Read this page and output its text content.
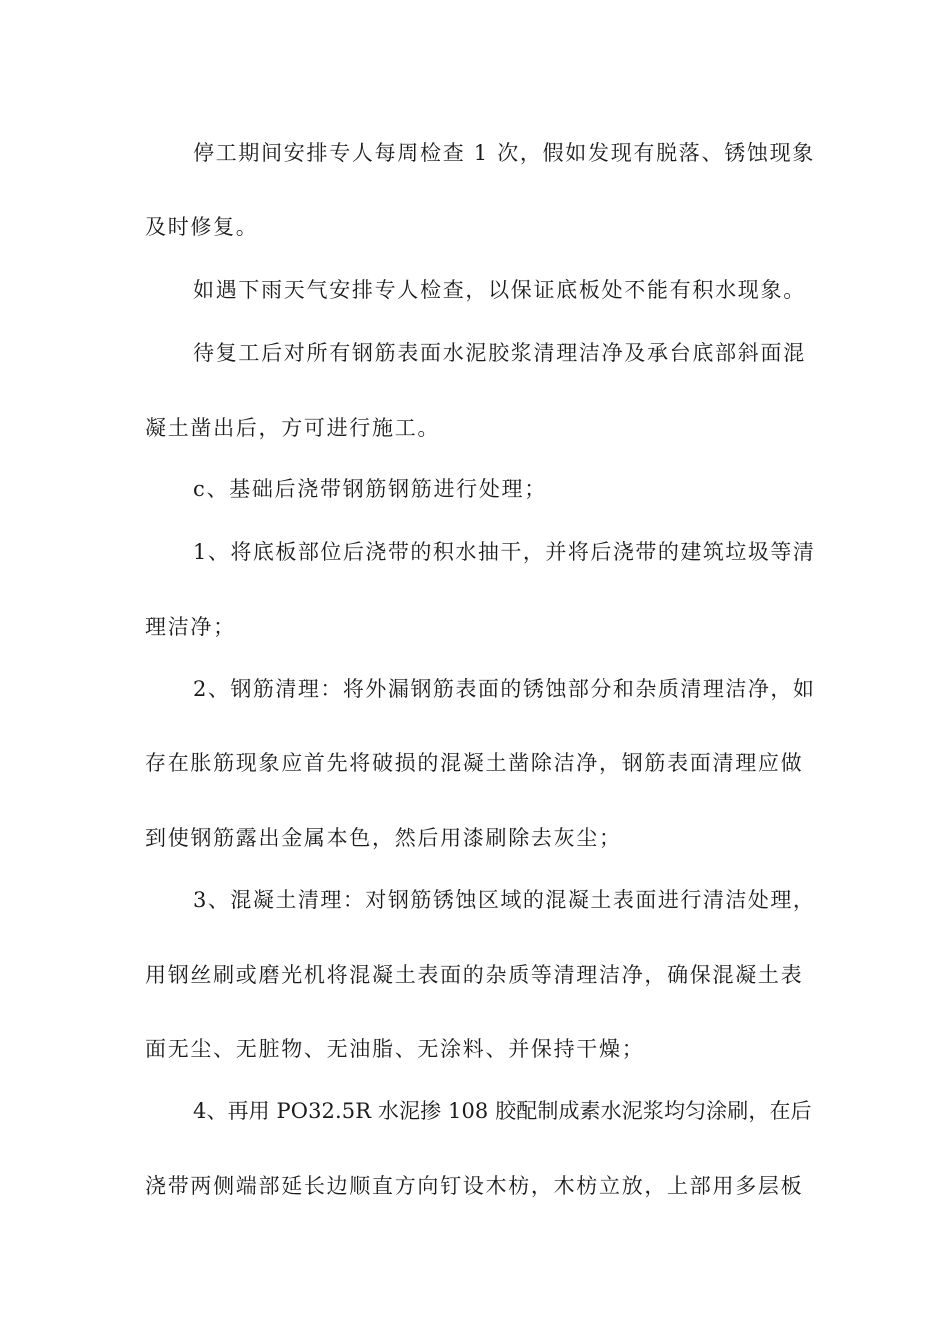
停工期间安排专人每周检查 1 次，假如发现有脱落、锈蚀现象
及时修复。
如遇下雨天气安排专人检查，以保证底板处不能有积水现象。
待复工后对所有钢筋表面水泥胶浆清理洁净及承台底部斜面混
凝土凿出后，方可进行施工。
c、基础后浇带钢筋钢筋进行处理；
1、将底板部位后浇带的积水抽干，并将后浇带的建筑垃圾等清
理洁净；
2、钢筋清理：将外漏钢筋表面的锈蚀部分和杂质清理洁净，如
存在胀筋现象应首先将破损的混凝土凿除洁净，钢筋表面清理应做
到使钢筋露出金属本色，然后用漆刷除去灰尘；
3、混凝土清理：对钢筋锈蚀区域的混凝土表面进行清洁处理，
用钢丝刷或磨光机将混凝土表面的杂质等清理洁净，确保混凝土表
面无尘、无脏物、无油脂、无涂料、并保持干燥；
4、再用 PO32.5R 水泥掺 108 胶配制成素水泥浆均匀涂刷，在后
浇带两侧端部延长边顺直方向钉设木枋，木枋立放，上部用多层板
